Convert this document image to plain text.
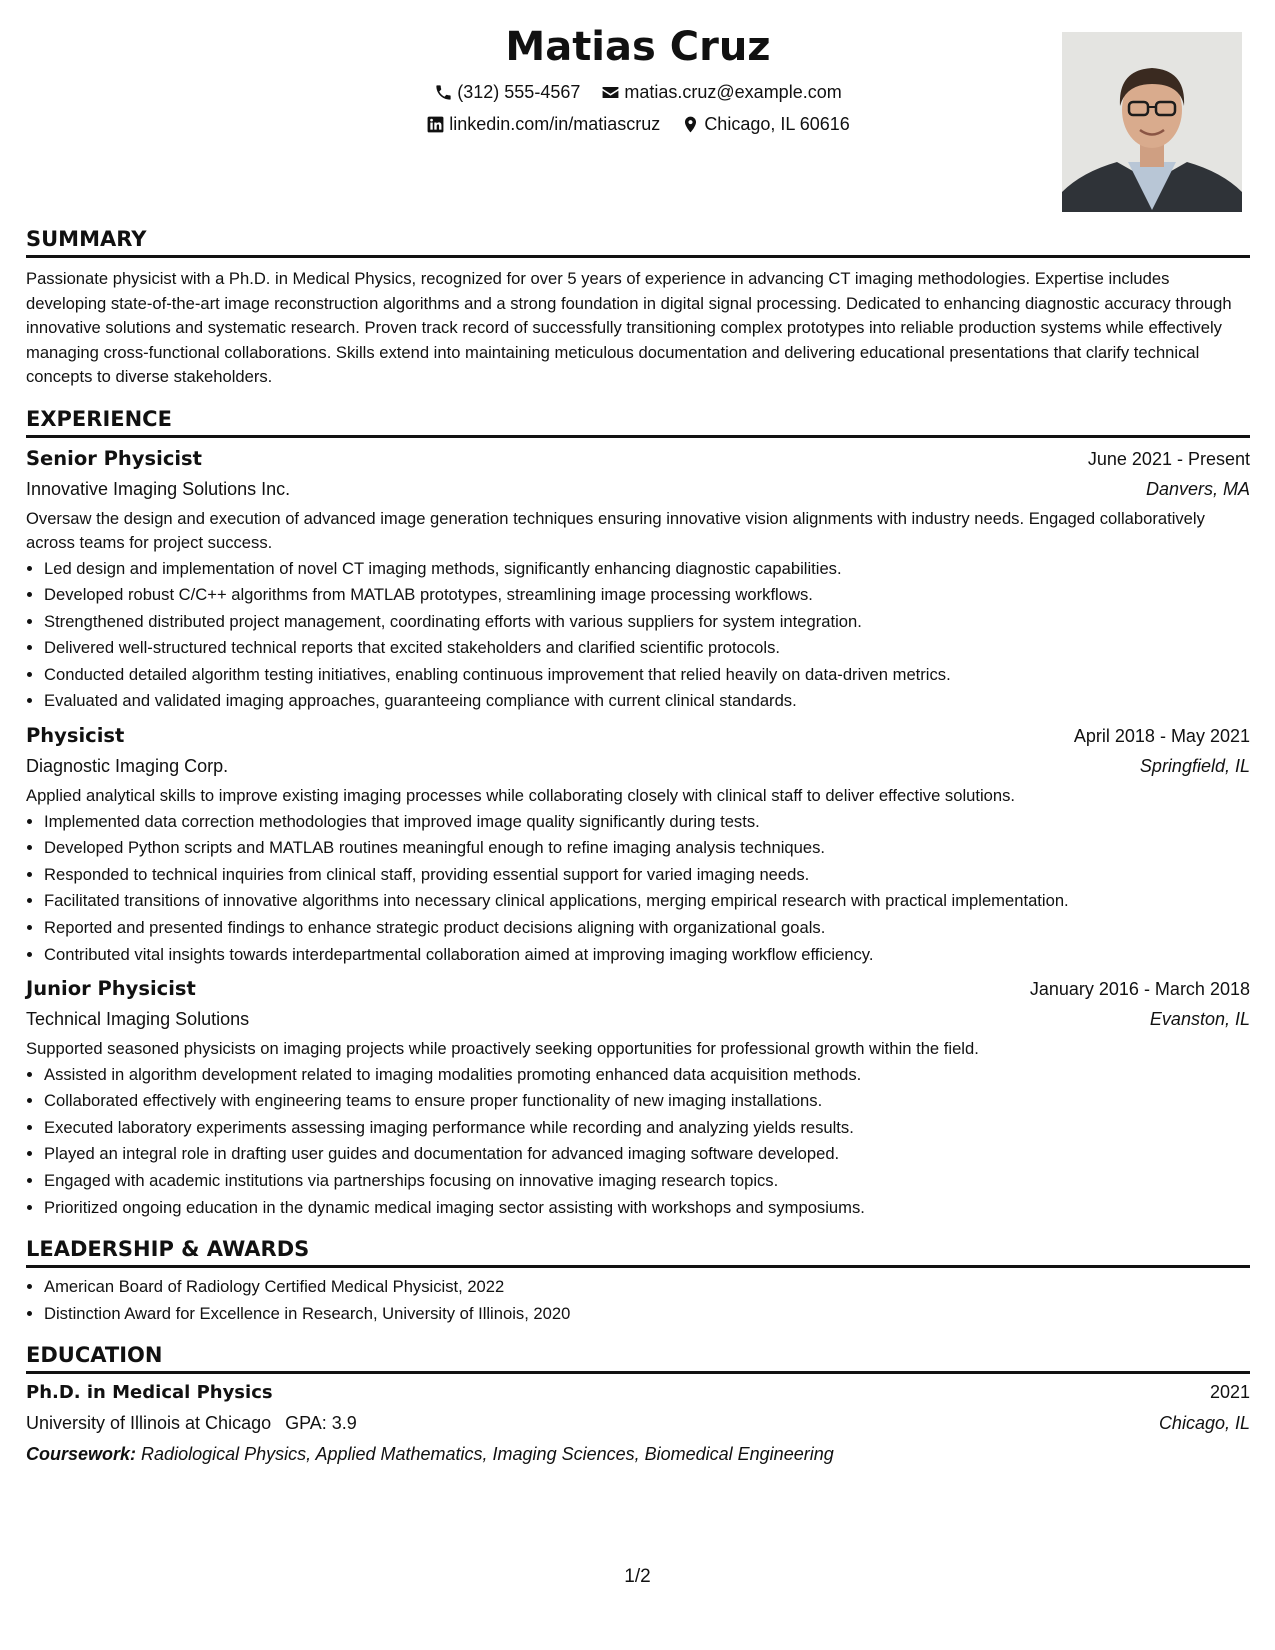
Matias Cruz
(312) 555-4567
matias.cruz@example.com
linkedin.com/in/matiascruz
Chicago, IL 60616
SUMMARY

Passionate physicist with a Ph.D. in Medical Physics, recognized for over 5 years of experience in advancing CT imaging methodologies. Expertise includes developing state-of-the-art image reconstruction algorithms and a strong foundation in digital signal processing. Dedicated to enhancing diagnostic accuracy through innovative solutions and systematic research. Proven track record of successfully transitioning complex prototypes into reliable production systems while effectively managing cross-functional collaborations. Skills extend into maintaining meticulous documentation and delivering educational presentations that clarify technical concepts to diverse stakeholders.

EXPERIENCE
Senior Physicist	June 2021 - Present
Innovative Imaging Solutions Inc.	Danvers, MA

Oversaw the design and execution of advanced image generation techniques ensuring innovative vision alignments with industry needs. Engaged collaboratively across teams for project success.

• Led design and implementation of novel CT imaging methods, significantly enhancing diagnostic capabilities.
• Developed robust C/C++ algorithms from MATLAB prototypes, streamlining image processing workflows.
• Strengthened distributed project management, coordinating efforts with various suppliers for system integration.
• Delivered well-structured technical reports that excited stakeholders and clarified scientific protocols.
• Conducted detailed algorithm testing initiatives, enabling continuous improvement that relied heavily on data-driven metrics.
• Evaluated and validated imaging approaches, guaranteeing compliance with current clinical standards.
Physicist	April 2018 - May 2021
Diagnostic Imaging Corp.	Springfield, IL

Applied analytical skills to improve existing imaging processes while collaborating closely with clinical staff to deliver effective solutions.

• Implemented data correction methodologies that improved image quality significantly during tests.
• Developed Python scripts and MATLAB routines meaningful enough to refine imaging analysis techniques.
• Responded to technical inquiries from clinical staff, providing essential support for varied imaging needs.
• Facilitated transitions of innovative algorithms into necessary clinical applications, merging empirical research with practical implementation.
• Reported and presented findings to enhance strategic product decisions aligning with organizational goals.
• Contributed vital insights towards interdepartmental collaboration aimed at improving imaging workflow efficiency.
Junior Physicist	January 2016 - March 2018
Technical Imaging Solutions	Evanston, IL

Supported seasoned physicists on imaging projects while proactively seeking opportunities for professional growth within the field.

• Assisted in algorithm development related to imaging modalities promoting enhanced data acquisition methods.
• Collaborated effectively with engineering teams to ensure proper functionality of new imaging installations.
• Executed laboratory experiments assessing imaging performance while recording and analyzing yields results.
• Played an integral role in drafting user guides and documentation for advanced imaging software developed.
• Engaged with academic institutions via partnerships focusing on innovative imaging research topics.
• Prioritized ongoing education in the dynamic medical imaging sector assisting with workshops and symposiums.
LEADERSHIP & AWARDS
• American Board of Radiology Certified Medical Physicist, 2022
• Distinction Award for Excellence in Research, University of Illinois, 2020
EDUCATION
Ph.D. in Medical Physics	2021
University of Illinois at Chicago GPA: 3.9	Chicago, IL
Coursework: Radiological Physics, Applied Mathematics, Imaging Sciences, Biomedical Engineering
1/2
